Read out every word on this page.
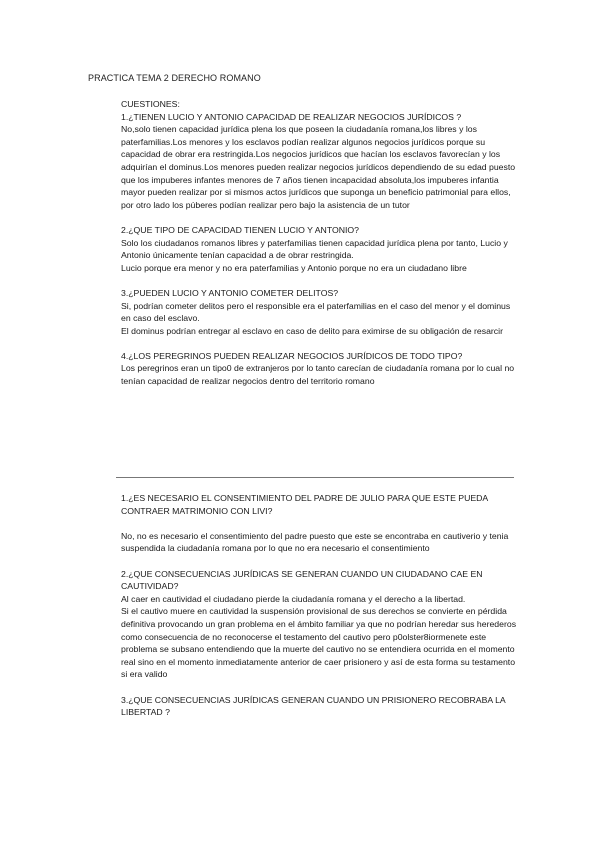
PRACTICA TEMA 2 DERECHO ROMANO

CUESTIONES:

1.¿TIENEN LUCIO Y ANTONIO CAPACIDAD DE REALIZAR NEGOCIOS JURÍDICOS ?

No,solo tienen capacidad jurídica plena los que poseen la ciudadanía romana,los libres y los paterfamilias.Los menores y los esclavos podían realizar algunos negocios jurídicos porque su capacidad de obrar era restringida.Los negocios jurídicos que hacían los esclavos favorecían y los adquirían el dominus.Los menores pueden realizar negocios jurídicos dependiendo de su edad puesto que los impuberes infantes menores de 7 años tienen incapacidad absoluta,los impuberes infantia mayor pueden realizar por si mismos actos jurídicos que suponga un beneficio patrimonial para ellos, por otro lado los púberes podían realizar pero bajo la asistencia de un tutor

2.¿QUE TIPO DE CAPACIDAD TIENEN LUCIO Y ANTONIO?

Solo los ciudadanos romanos libres y paterfamilias tienen capacidad jurídica plena por tanto, Lucio y Antonio únicamente tenían capacidad a de obrar restringida.

Lucio porque era menor y no era paterfamilias y Antonio porque no era un ciudadano libre

3.¿PUEDEN LUCIO Y ANTONIO COMETER DELITOS?

Si, podrían cometer delitos pero el responsible era el paterfamilias en el caso del menor y el dominus en caso del esclavo.

El dominus podrían entregar al esclavo en caso de delito para eximirse de su obligación de resarcir

4.¿LOS PEREGRINOS PUEDEN REALIZAR NEGOCIOS JURÍDICOS DE TODO TIPO?

Los peregrinos eran un tipo0 de extranjeros por lo tanto carecían de ciudadanía romana por lo cual no tenían capacidad de realizar negocios dentro del territorio romano

1.¿ES NECESARIO EL CONSENTIMIENTO DEL PADRE DE JULIO PARA QUE ESTE PUEDA CONTRAER MATRIMONIO CON LIVI?

No, no es necesario el consentimiento del padre puesto que este se encontraba en cautiverio y tenia suspendida la ciudadanía romana por lo que no era necesario el consentimiento

2.¿QUE CONSECUENCIAS JURÍDICAS SE GENERAN CUANDO UN CIUDADANO CAE EN CAUTIVIDAD?

Al caer en cautividad el ciudadano pierde la ciudadanía romana y el derecho a la libertad.

Si el cautivo muere en cautividad la suspensión provisional de sus derechos se convierte en pérdida definitiva provocando un gran problema en el ámbito familiar ya que no podrían heredar sus herederos como consecuencia de no reconocerse el testamento del cautivo pero p0olster8iormenete este problema se subsano entendiendo que la muerte del cautivo no se entendiera ocurrida en el momento real sino en el momento inmediatamente anterior de caer prisionero y así de esta forma su testamento si era valido

3.¿QUE CONSECUENCIAS JURÍDICAS GENERAN CUANDO UN PRISIONERO RECOBRABA LA LIBERTAD ?
